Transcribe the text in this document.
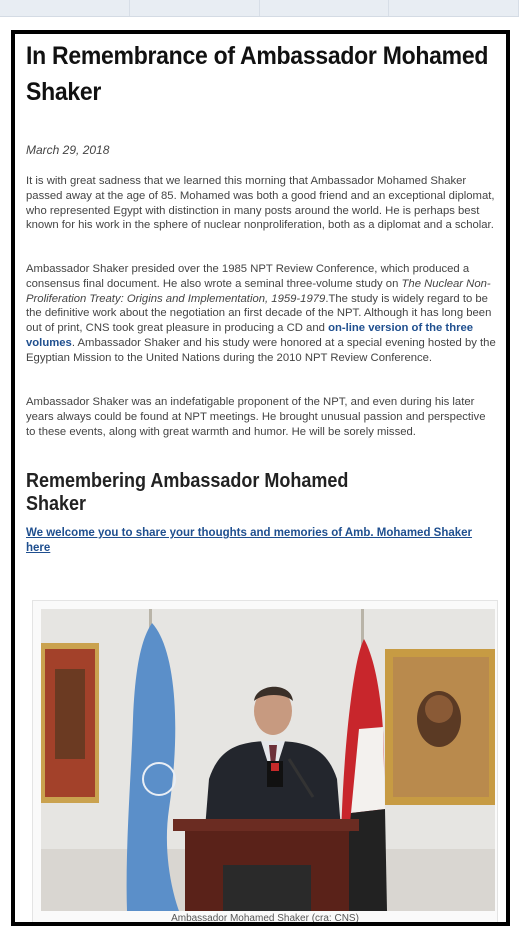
In Remembrance of Ambassador Mohamed Shaker
March 29, 2018

It is with great sadness that we learned this morning that Ambassador Mohamed Shaker passed away at the age of 85. Mohamed was both a good friend and an exceptional diplomat, who represented Egypt with distinction in many posts around the world. He is perhaps best known for his work in the sphere of nuclear nonproliferation, both as a diplomat and a scholar.

Ambassador Shaker presided over the 1985 NPT Review Conference, which produced a consensus final document. He also wrote a seminal three-volume study on The Nuclear Non-Proliferation Treaty: Origins and Implementation, 1959-1979.The study is widely regard to be the definitive work about the negotiation an first decade of the NPT. Although it has long been out of print, CNS took great pleasure in producing a CD and on-line version of the three volumes. Ambassador Shaker and his study were honored at a special evening hosted by the Egyptian Mission to the United Nations during the 2010 NPT Review Conference.

Ambassador Shaker was an indefatigable proponent of the NPT, and even during his later years always could be found at NPT meetings. He brought unusual passion and perspective to these events, along with great warmth and humor. He will be sorely missed.

Remembering Ambassador Mohamed Shaker
We welcome you to share your thoughts and memories of Amb. Mohamed Shaker here
Ambassador Mohamed Shaker (cra: CNS)
